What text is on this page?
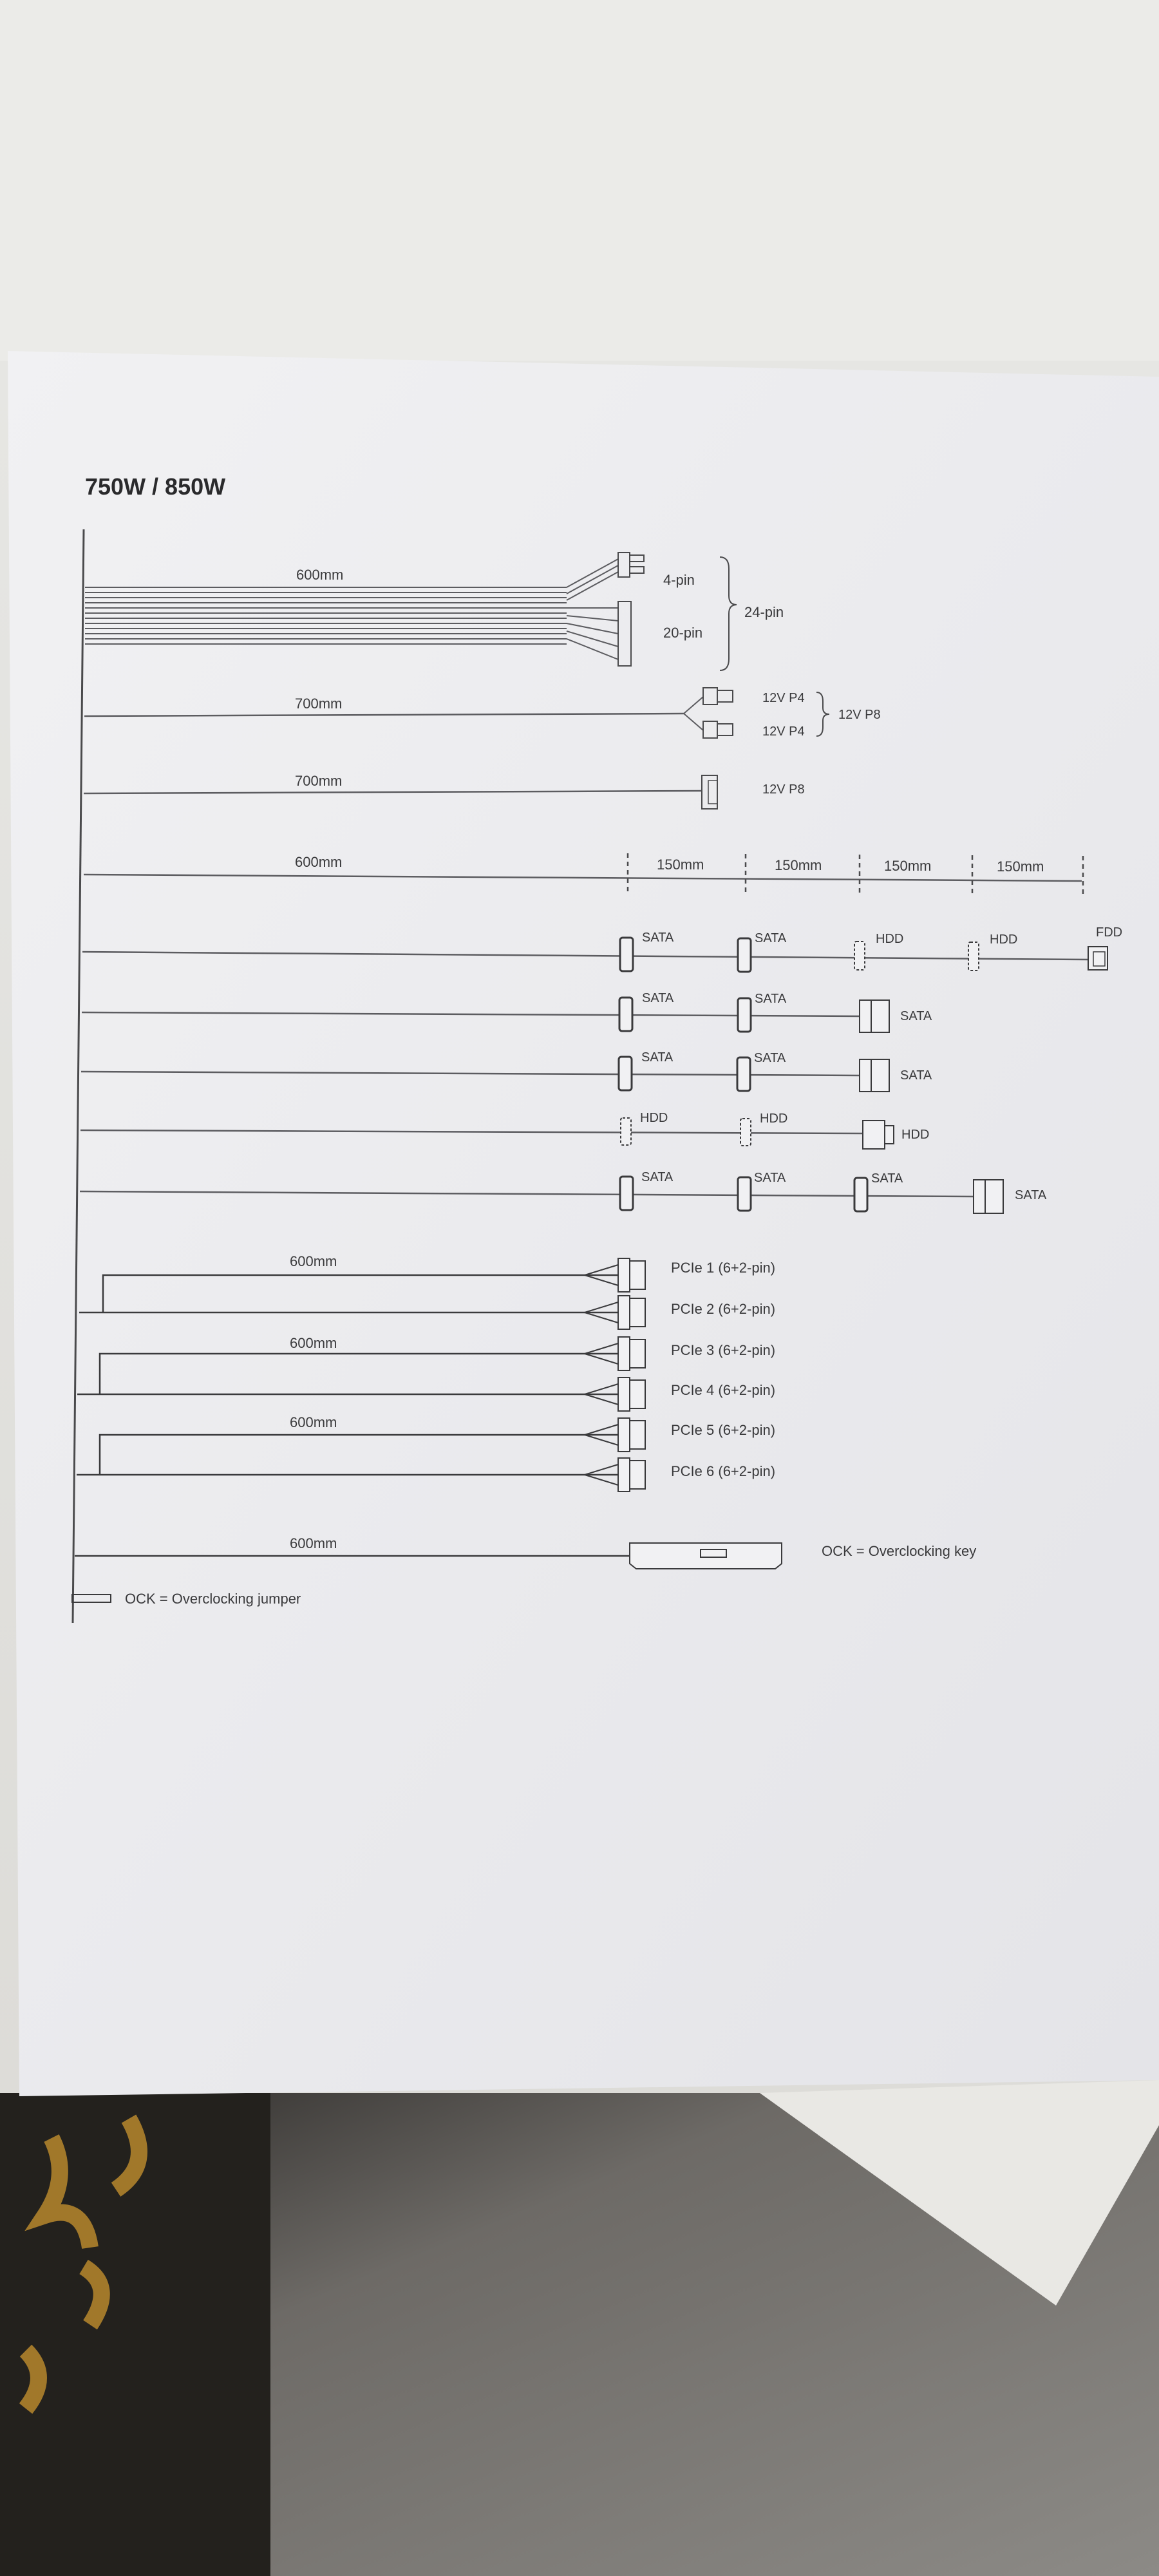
750W / 850W
600mm	4-pin
20-pin
24-pin
700mm	12V P4
12V P4
12V P8
700mm
12V P8
600mm	150mm	150mm	150mm	150mm
SATA	SATA	HDD	HDD	FDD
SATA	SATA
SATA
SATA	SATA
SATA
HDD	HDD
HDD
SATA	SATA	SATA
SATA
600mm
600mm
600mm
PCIe 1 (6+2-pin)
PCIe 2 (6+2-pin)
PCIe 3 (6+2-pin)
PCIe 4 (6+2-pin)
PCIe 5 (6+2-pin)
PCIe 6 (6+2-pin)
600mm	OCK = Overclocking key
OCK = Overclocking jumper
